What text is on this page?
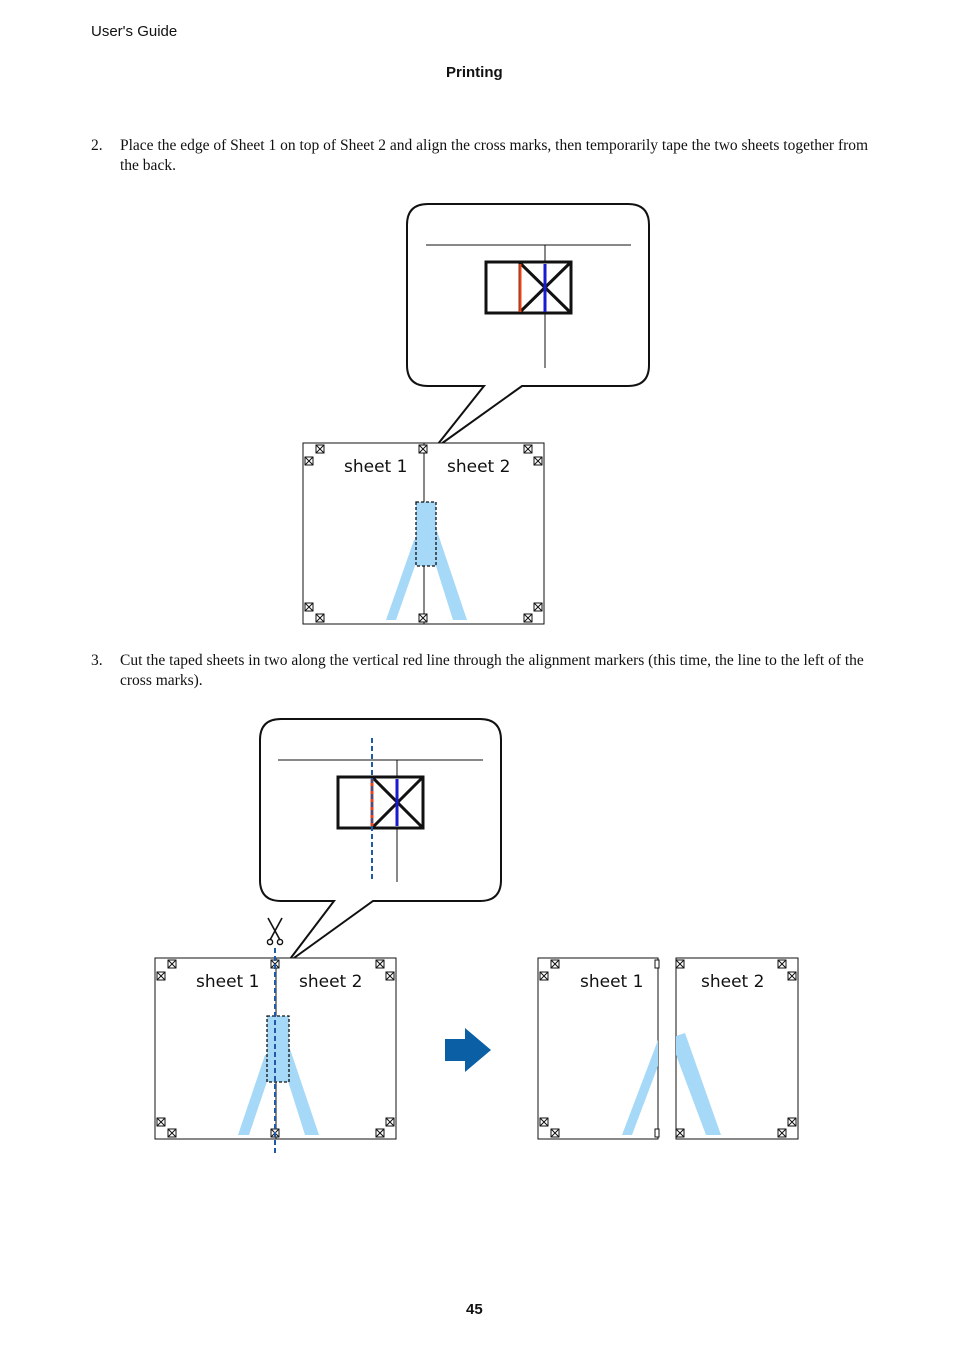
User's Guide
Printing
2. Place the edge of Sheet 1 on top of Sheet 2 and align the cross marks, then temporarily tape the two sheets together from the back.
3. Cut the taped sheets in two along the vertical red line through the alignment markers (this time, the line to the left of the cross marks).
sheet 1 sheet 2
sheet 1 sheet 2	sheet 1	sheet 2
45
